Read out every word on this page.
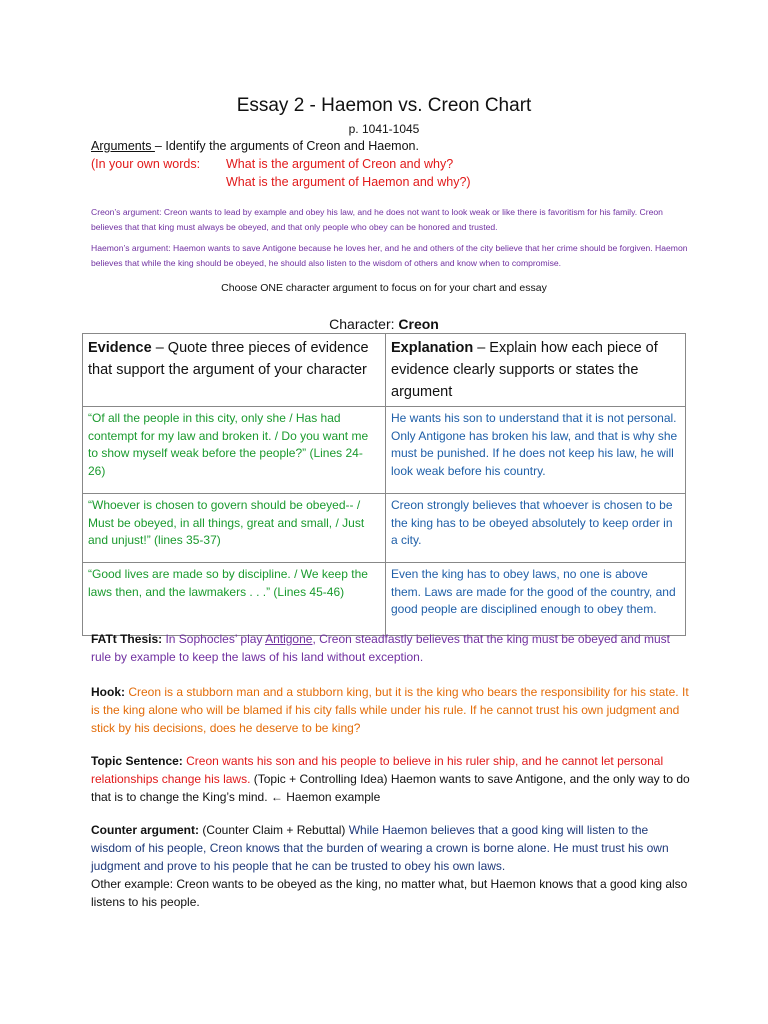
Essay 2 - Haemon vs. Creon Chart
p. 1041-1045
Arguments – Identify the arguments of Creon and Haemon.
(In your own words: What is the argument of Creon and why?
What is the argument of Haemon and why?)
Creon’s argument: Creon wants to lead by example and obey his law, and he does not want to look weak or like there is favoritism for his family. Creon believes that that king must always be obeyed, and that only people who obey can be honored and trusted.
Haemon’s argument: Haemon wants to save Antigone because he loves her, and he and others of the city believe that her crime should be forgiven. Haemon believes that while the king should be obeyed, he should also listen to the wisdom of others and know when to compromise.
Choose ONE character argument to focus on for your chart and essay
Character: Creon
Evidence – Quote three pieces of evidence that support the argument of your character	Explanation – Explain how each piece of evidence clearly supports or states the argument
“Of all the people in this city, only she / Has had contempt for my law and broken it. / Do you want me to show myself weak before the people?” (Lines 24-26)	He wants his son to understand that it is not personal. Only Antigone has broken his law, and that is why she must be punished. If he does not keep his law, he will look weak before his country.
“Whoever is chosen to govern should be obeyed-- / Must be obeyed, in all things, great and small, / Just and unjust!” (lines 35-37)	Creon strongly believes that whoever is chosen to be the king has to be obeyed absolutely to keep order in a city.
“Good lives are made so by discipline. / We keep the laws then, and the lawmakers . . .” (Lines 45-46)	Even the king has to obey laws, no one is above them. Laws are made for the good of the country, and good people are disciplined enough to obey them.
FATt Thesis: In Sophocles’ play Antigone, Creon steadfastly believes that the king must be obeyed and must rule by example to keep the laws of his land without exception.
Hook: Creon is a stubborn man and a stubborn king, but it is the king who bears the responsibility for his state. It is the king alone who will be blamed if his city falls while under his rule. If he cannot trust his own judgment and stick by his decisions, does he deserve to be king?
Topic Sentence: Creon wants his son and his people to believe in his ruler ship, and he cannot let personal relationships change his laws. (Topic + Controlling Idea) Haemon wants to save Antigone, and the only way to do that is to change the King’s mind. ← Haemon example
Counter argument: (Counter Claim + Rebuttal) While Haemon believes that a good king will listen to the wisdom of his people, Creon knows that the burden of wearing a crown is borne alone. He must trust his own judgment and prove to his people that he can be trusted to obey his own laws.
Other example: Creon wants to be obeyed as the king, no matter what, but Haemon knows that a good king also listens to his people.
